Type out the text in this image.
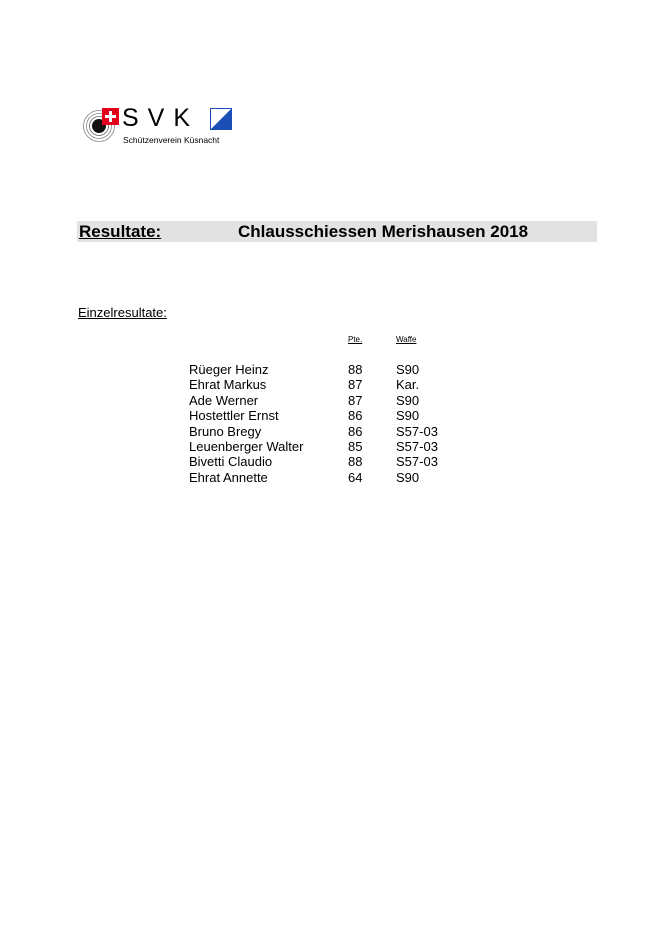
SVK
Schützenverein Küsnacht
Resultate:	Chlausschiessen Merishausen 2018
Einzelresultate:
Pte.	Waffe
Rüeger Heinz	88	S90
Ehrat Markus	87	Kar.
Ade Werner	87	S90
Hostettler Ernst	86	S90
Bruno Bregy	86	S57-03
Leuenberger Walter	85	S57-03
Bivetti Claudio	88	S57-03
Ehrat Annette	64	S90
